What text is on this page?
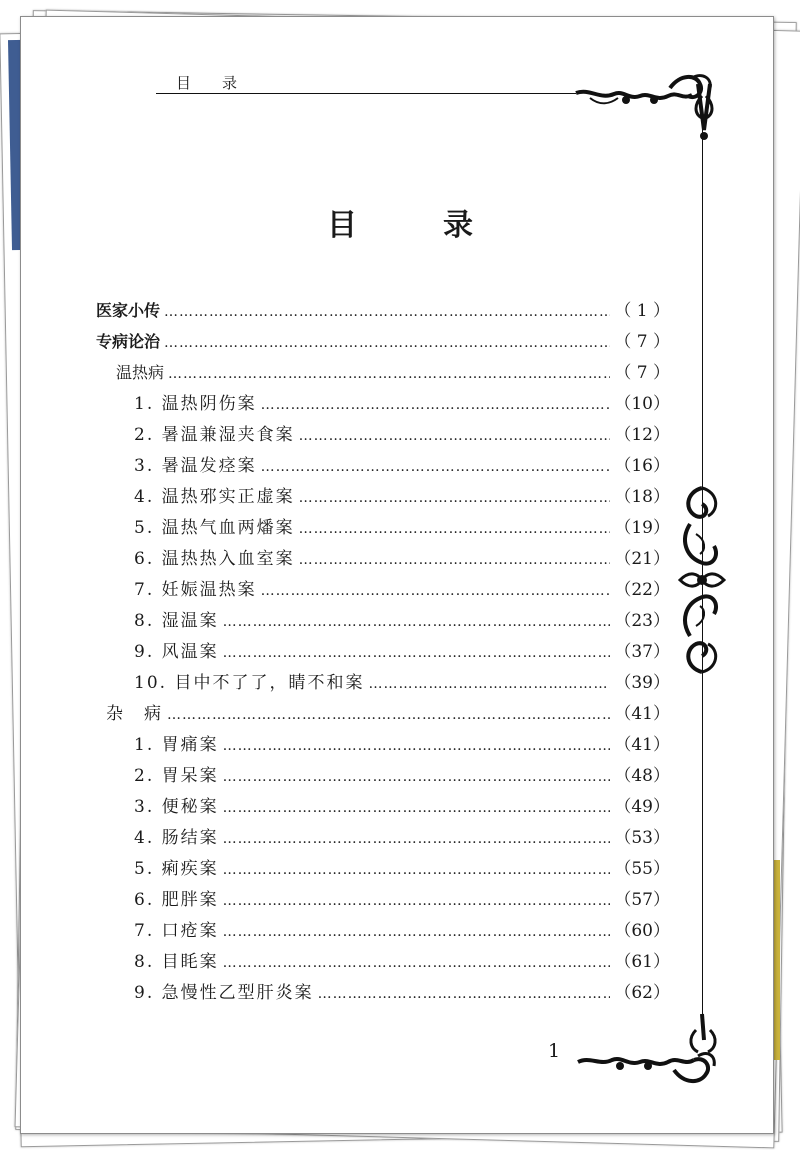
目　录
目　录
医家小传 ……………………………………………………………………………………………………………………………………………………………………………	（ 1 ）
专病论治 ……………………………………………………………………………………………………………………………………………………………………………	（ 7 ）
温热病 ……………………………………………………………………………………………………………………………………………………………………………	（ 7 ）
1. 温热阴伤案 ……………………………………………………………………………………………………………………………………………………………………………	（10）
2. 暑温兼湿夹食案 ……………………………………………………………………………………………………………………………………………………………………………	（12）
3. 暑温发痉案 ……………………………………………………………………………………………………………………………………………………………………………	（16）
4. 温热邪实正虚案 ……………………………………………………………………………………………………………………………………………………………………………	（18）
5. 温热气血两燔案 ……………………………………………………………………………………………………………………………………………………………………………	（19）
6. 温热热入血室案 ……………………………………………………………………………………………………………………………………………………………………………	（21）
7. 妊娠温热案 ……………………………………………………………………………………………………………………………………………………………………………	（22）
8. 湿温案 ……………………………………………………………………………………………………………………………………………………………………………	（23）
9. 风温案 ……………………………………………………………………………………………………………………………………………………………………………	（37）
10. 目中不了了，睛不和案 ……………………………………………………………………………………………………………………………………………………………………………	（39）
杂　病 ……………………………………………………………………………………………………………………………………………………………………………	（41）
1. 胃痛案 ……………………………………………………………………………………………………………………………………………………………………………	（41）
2. 胃呆案 ……………………………………………………………………………………………………………………………………………………………………………	（48）
3. 便秘案 ……………………………………………………………………………………………………………………………………………………………………………	（49）
4. 肠结案 ……………………………………………………………………………………………………………………………………………………………………………	（53）
5. 痢疾案 ……………………………………………………………………………………………………………………………………………………………………………	（55）
6. 肥胖案 ……………………………………………………………………………………………………………………………………………………………………………	（57）
7. 口疮案 ……………………………………………………………………………………………………………………………………………………………………………	（60）
8. 目眊案 ……………………………………………………………………………………………………………………………………………………………………………	（61）
9. 急慢性乙型肝炎案 ……………………………………………………………………………………………………………………………………………………………………………	（62）
1
